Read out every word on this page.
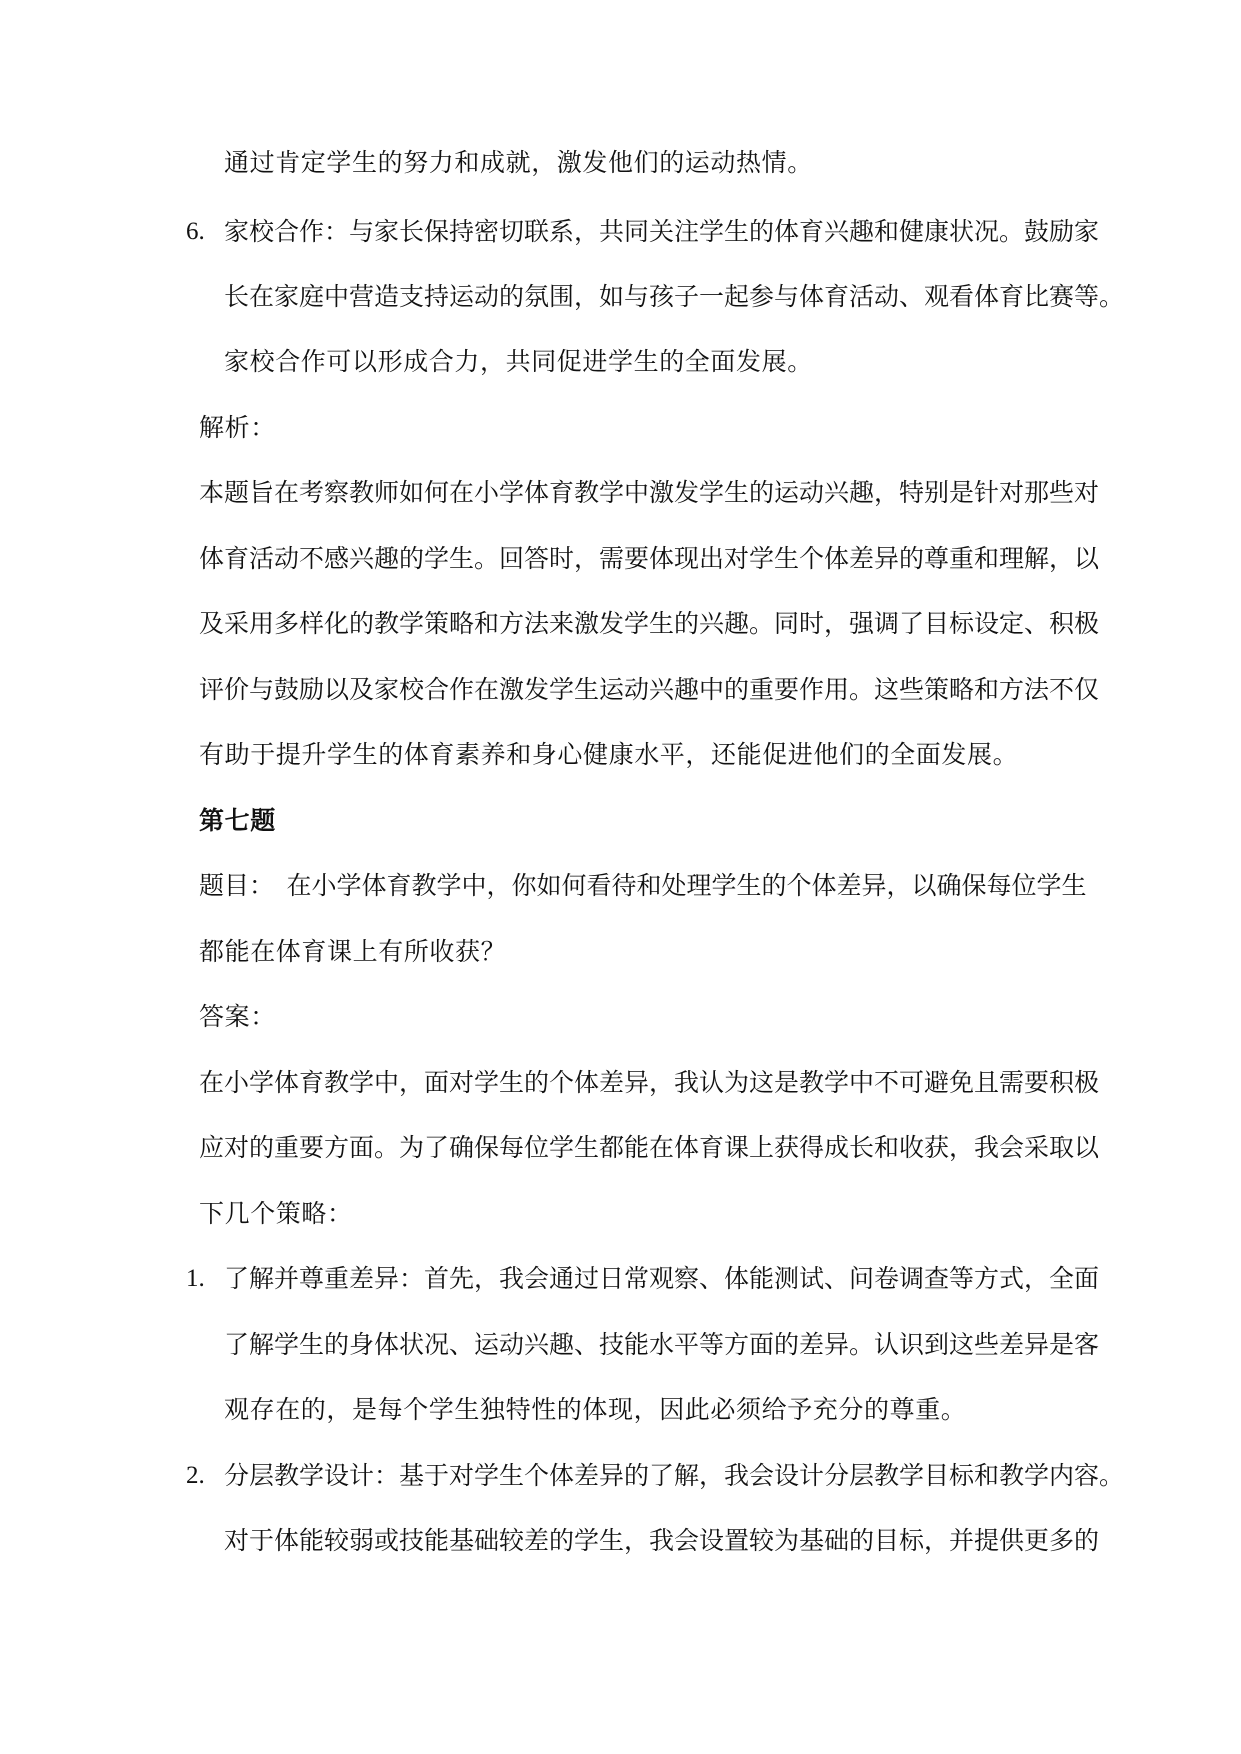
通过肯定学生的努力和成就，激发他们的运动热情。
6. 家校合作：与家长保持密切联系，共同关注学生的体育兴趣和健康状况。鼓励家
长在家庭中营造支持运动的氛围，如与孩子一起参与体育活动、观看体育比赛等。
家校合作可以形成合力，共同促进学生的全面发展。
解析：
本题旨在考察教师如何在小学体育教学中激发学生的运动兴趣，特别是针对那些对
体育活动不感兴趣的学生。回答时，需要体现出对学生个体差异的尊重和理解，以
及采用多样化的教学策略和方法来激发学生的兴趣。同时，强调了目标设定、积极
评价与鼓励以及家校合作在激发学生运动兴趣中的重要作用。这些策略和方法不仅
有助于提升学生的体育素养和身心健康水平，还能促进他们的全面发展。
第七题
题目：　在小学体育教学中，你如何看待和处理学生的个体差异，以确保每位学生
都能在体育课上有所收获？
答案：
在小学体育教学中，面对学生的个体差异，我认为这是教学中不可避免且需要积极
应对的重要方面。为了确保每位学生都能在体育课上获得成长和收获，我会采取以
下几个策略：
1. 了解并尊重差异：首先，我会通过日常观察、体能测试、问卷调查等方式，全面
了解学生的身体状况、运动兴趣、技能水平等方面的差异。认识到这些差异是客
观存在的，是每个学生独特性的体现，因此必须给予充分的尊重。
2. 分层教学设计：基于对学生个体差异的了解，我会设计分层教学目标和教学内容。
对于体能较弱或技能基础较差的学生，我会设置较为基础的目标，并提供更多的
